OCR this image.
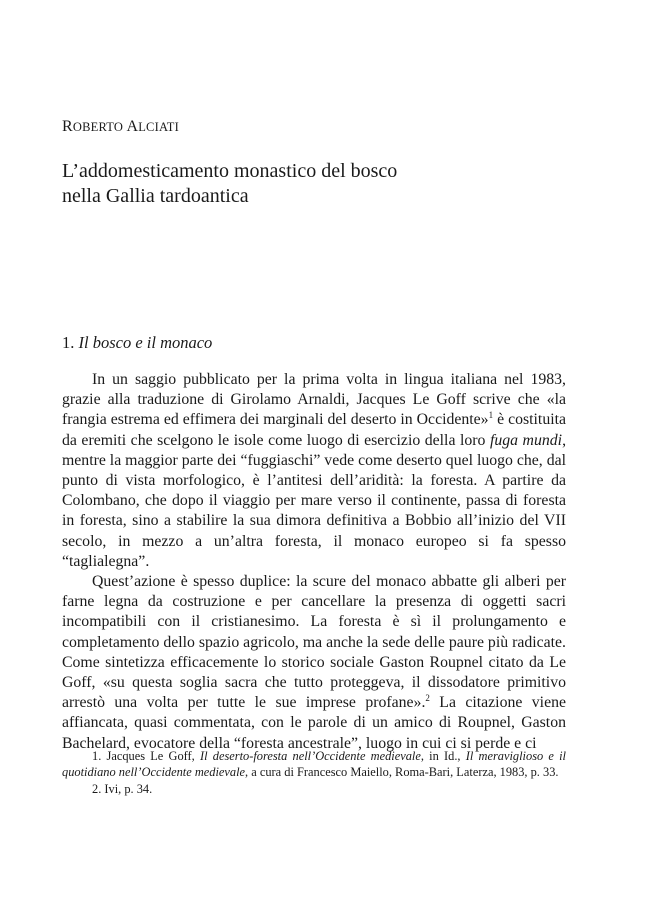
ROBERTO ALCIATI
L’addomesticamento monastico del bosco
nella Gallia tardoantica
1. Il bosco e il monaco

In un saggio pubblicato per la prima volta in lingua italiana nel 1983, grazie alla traduzione di Girolamo Arnaldi, Jacques Le Goff scrive che «la frangia estrema ed effimera dei marginali del deserto in Occidente»$^1$ è costituita da eremiti che scelgono le isole come luogo di esercizio della loro fuga mundi, mentre la maggior parte dei “fuggiaschi” vede come deserto quel luogo che, dal punto di vista morfologico, è l’antitesi dell’aridità: la foresta. A partire da Colombano, che dopo il viaggio per mare verso il continente, passa di foresta in foresta, sino a stabilire la sua dimora definitiva a Bobbio all’inizio del VII secolo, in mezzo a un’altra foresta, il monaco europeo si fa spesso “taglialegna”.

Quest’azione è spesso duplice: la scure del monaco abbatte gli alberi per farne legna da costruzione e per cancellare la presenza di oggetti sacri incompatibili con il cristianesimo. La foresta è sì il prolungamento e completamento dello spazio agricolo, ma anche la sede delle paure più radicate. Come sintetizza efficacemente lo storico sociale Gaston Roupnel citato da Le Goff, «su questa soglia sacra che tutto proteggeva, il dissodatore primitivo arrestò una volta per tutte le sue imprese profane».$^2$ La citazione viene affiancata, quasi commentata, con le parole di un amico di Roupnel, Gaston Bachelard, evocatore della “foresta ancestrale”, luogo in cui ci si perde e ci

1. Jacques Le Goff, Il deserto-foresta nell’Occidente medievale, in Id., Il meraviglioso e il quotidiano nell’Occidente medievale, a cura di Francesco Maiello, Roma-Bari, Laterza, 1983, p. 33.

2. Ivi, p. 34.
